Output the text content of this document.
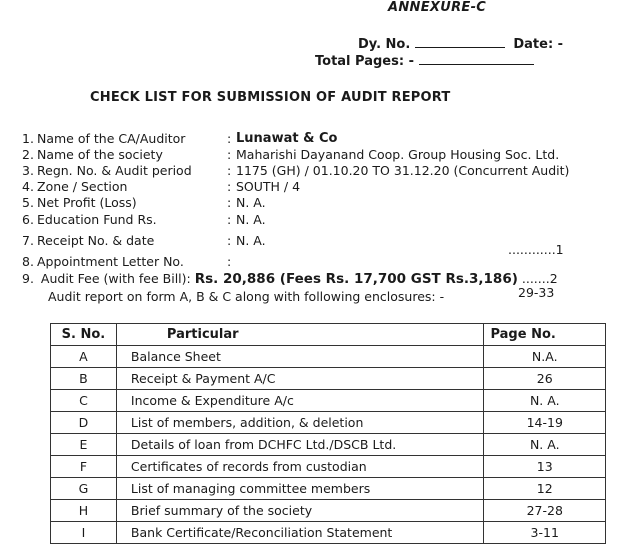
ANNEXURE-C
Dy. No.	Date: -
Total Pages: -
CHECK LIST FOR SUBMISSION OF AUDIT REPORT
1. Name of the CA/Auditor	: Lunawat & Co
2. Name of the society	: Maharishi Dayanand Coop. Group Housing Soc. Ltd.
3. Regn. No. & Audit period	: 1175 (GH) / 01.10.20 TO 31.12.20 (Concurrent Audit)
4. Zone / Section	: SOUTH / 4
5. Net Profit (Loss)	: N. A.
6. Education Fund Rs.	: N. A.
7. Receipt No. & date	: N. A.
8. Appointment Letter No.	:
............1
9. Audit Fee (with fee Bill): Rs. 20,886 (Fees Rs. 17,700 GST Rs.3,186) .......2
Audit report on form A, B & C along with following enclosures: -	29-33
S. No.	Particular	Page No.
A	Balance Sheet	N.A.
B	Receipt & Payment A/C	26
C	Income & Expenditure A/c	N. A.
D	List of members, addition, & deletion	14-19
E	Details of loan from DCHFC Ltd./DSCB Ltd.	N. A.
F	Certificates of records from custodian	13
G	List of managing committee members	12
H	Brief summary of the society	27-28
I	Bank Certificate/Reconciliation Statement	3-11
